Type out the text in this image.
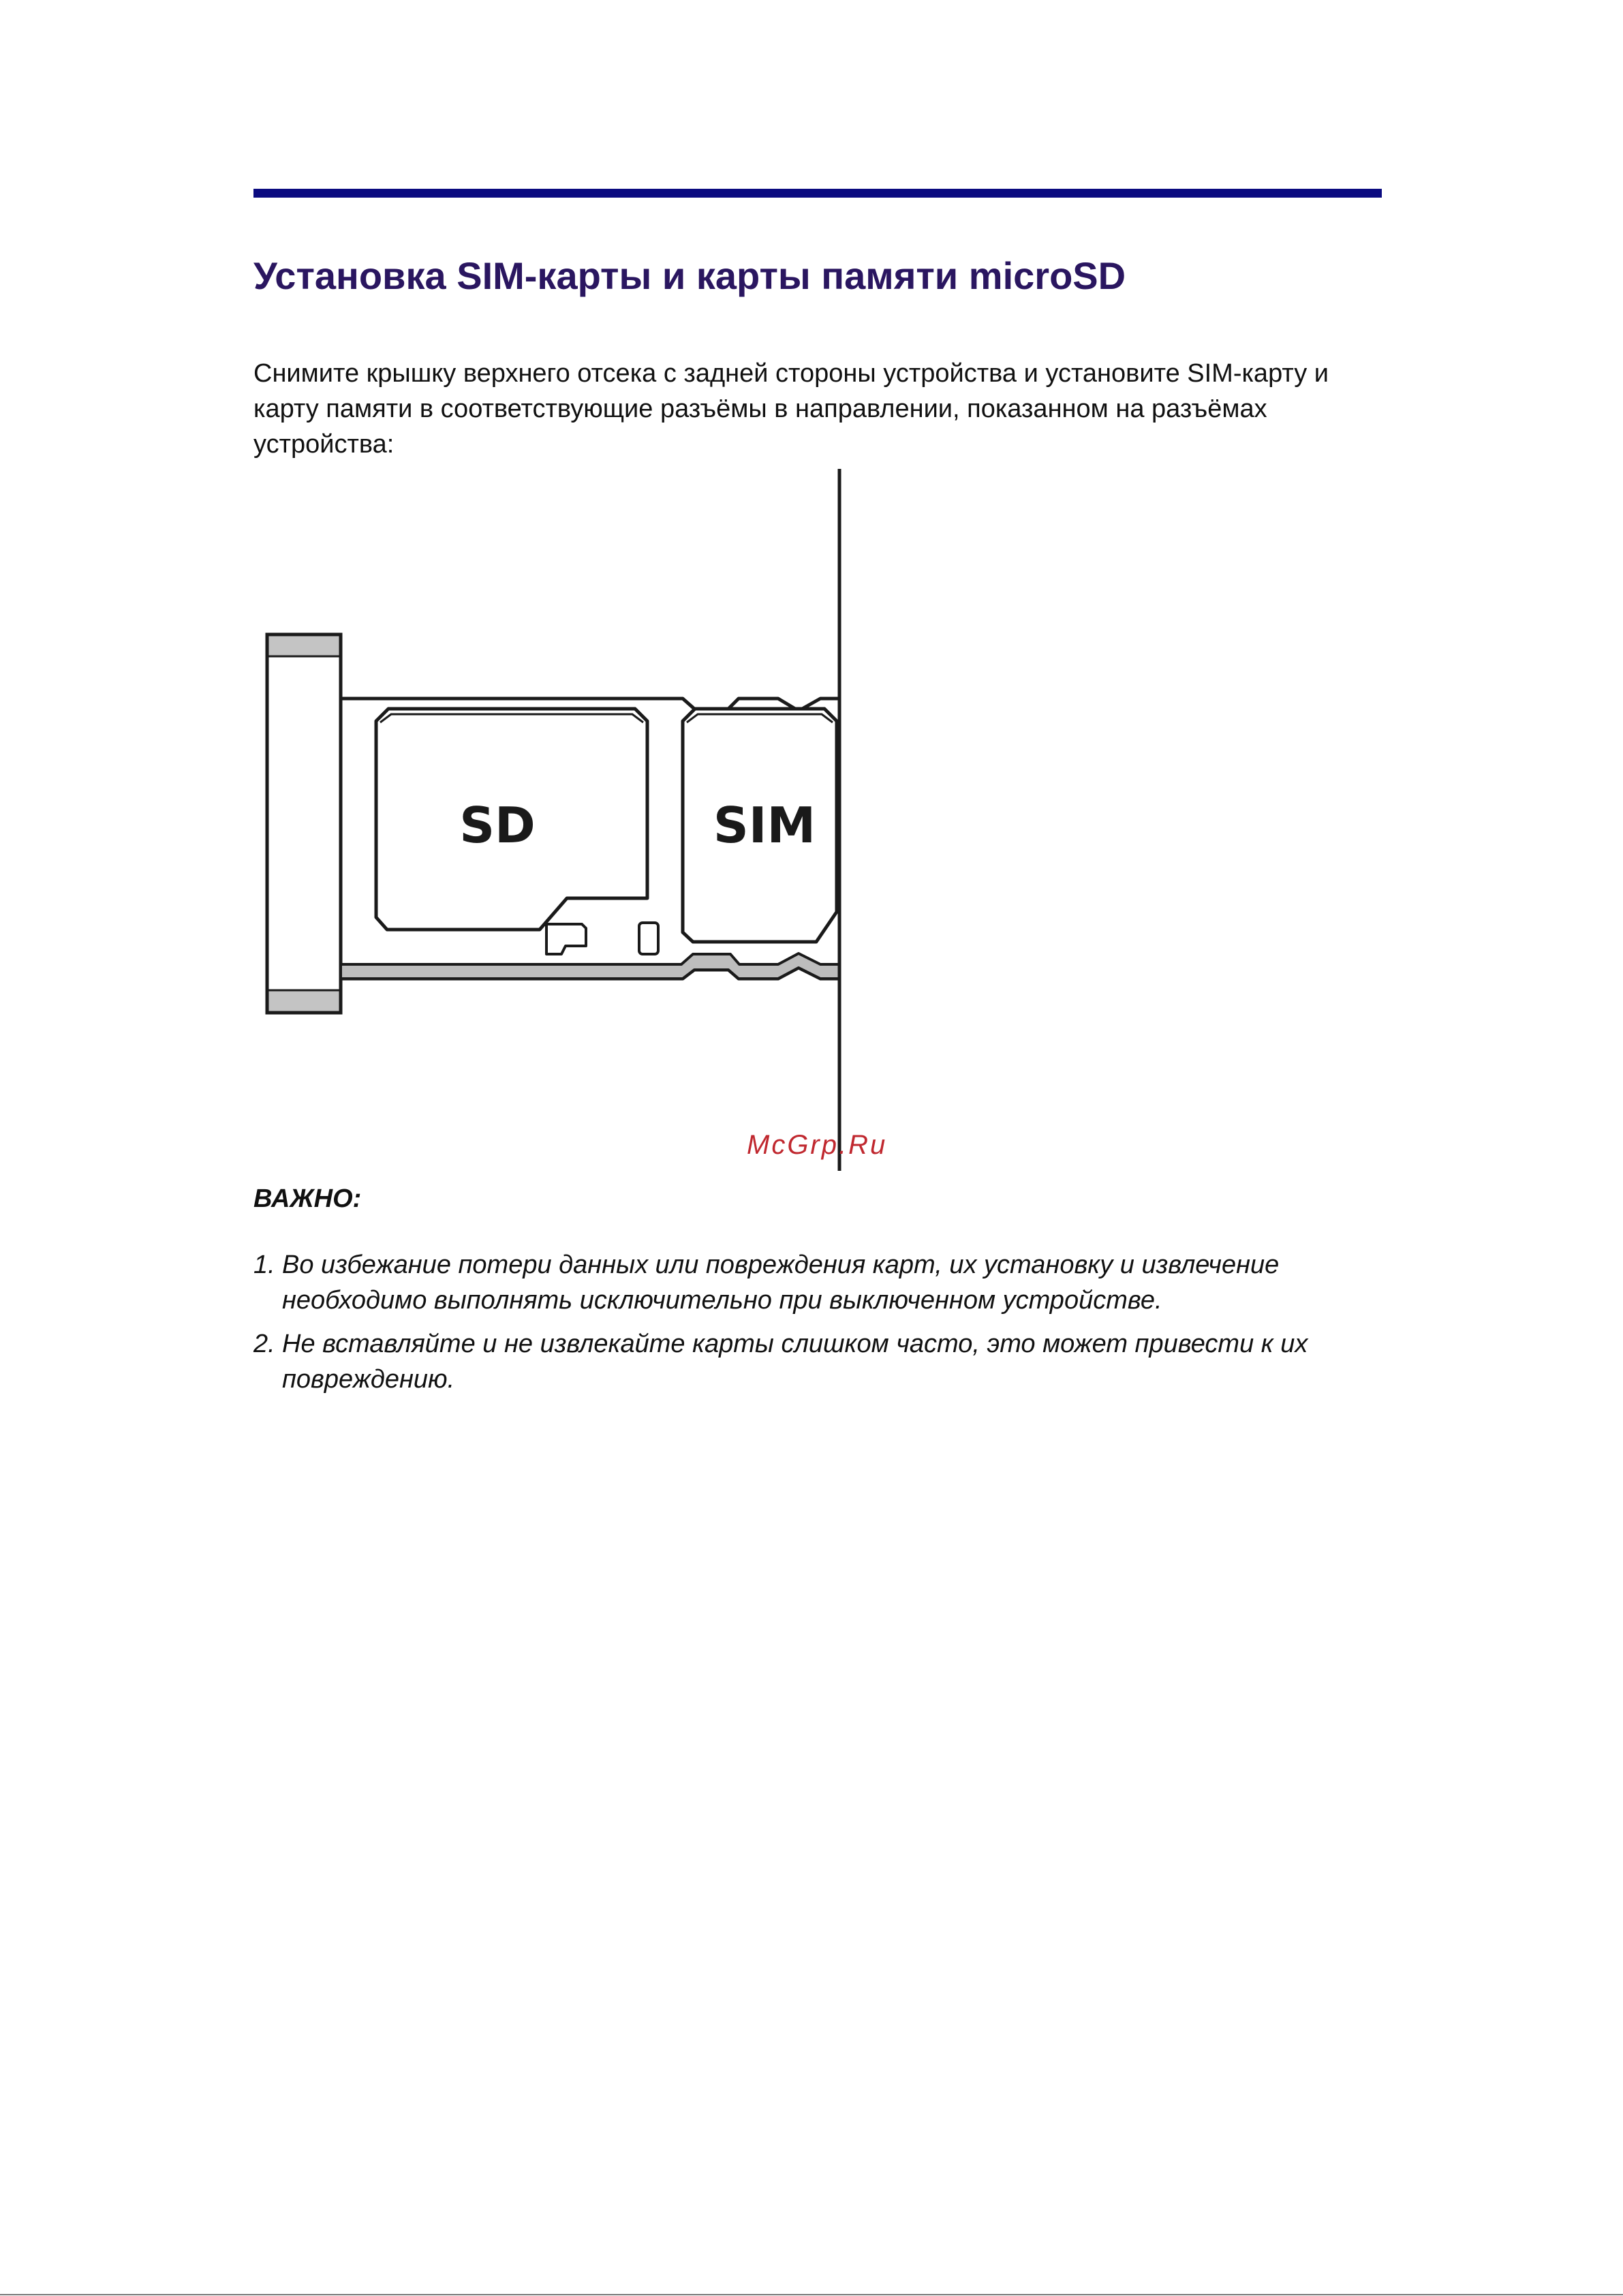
Установка SIM-карты и карты памяти microSD

Снимите крышку верхнего отсека с задней стороны устройства и установите SIM-карту и карту памяти в соответствующие разъёмы в направлении, показанном на разъёмах устройства:

SD	SIM
McGrp.Ru

ВАЖНО:

1. Во избежание потери данных или повреждения карт, их установку и извлечение необходимо выполнять исключительно при выключенном устройстве.
2. Не вставляйте и не извлекайте карты слишком часто, это может привести к их повреждению.
